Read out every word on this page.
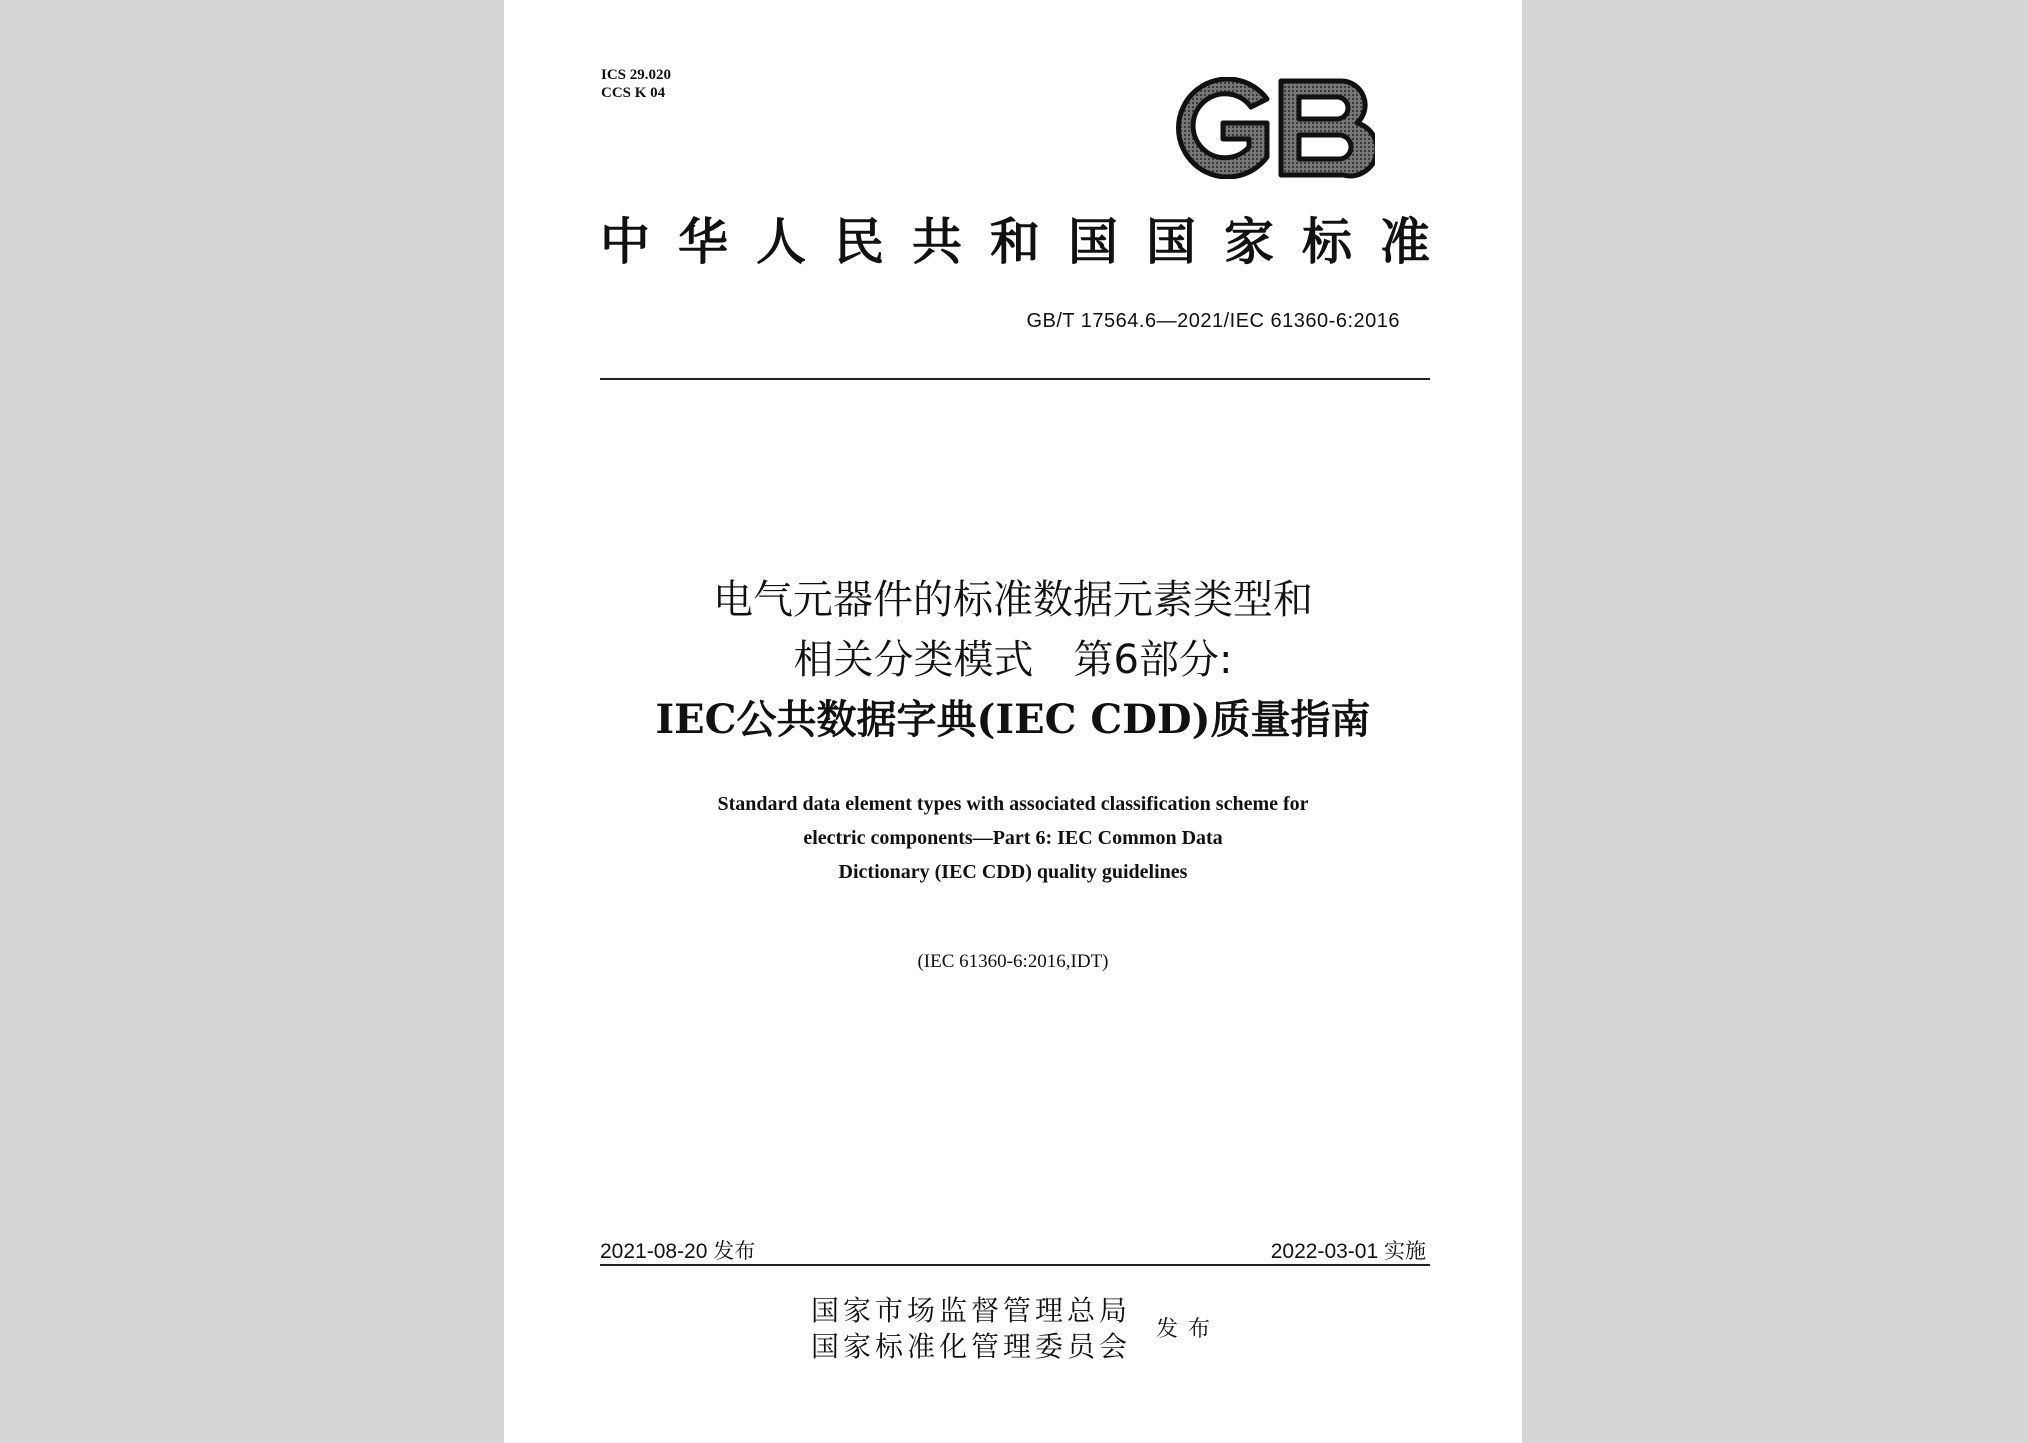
ICS 29.020
CCS K 04
中华人民共和国国家标准
GB/T 17564.6—2021/IEC 61360-6:2016
电气元器件的标准数据元素类型和
相关分类模式　第6部分:
IEC公共数据字典(IEC CDD)质量指南
Standard data element types with associated classification scheme for
electric components—Part 6: IEC Common Data
Dictionary (IEC CDD) quality guidelines
(IEC 61360-6:2016,IDT)
2021-08-20 发布	2022-03-01 实施
国家市场监督管理总局
国家标准化管理委员会
发布
